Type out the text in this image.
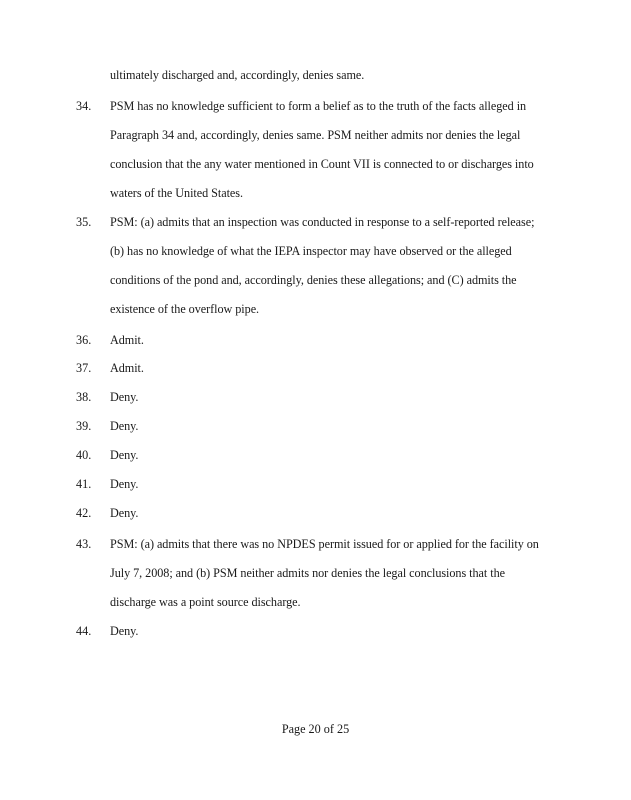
ultimately discharged and, accordingly, denies same.
34. PSM has no knowledge sufficient to form a belief as to the truth of the facts alleged in
Paragraph 34 and, accordingly, denies same. PSM neither admits nor denies the legal
conclusion that the any water mentioned in Count VII is connected to or discharges into
waters of the United States.
35. PSM: (a) admits that an inspection was conducted in response to a self-reported release;
(b) has no knowledge of what the IEPA inspector may have observed or the alleged
conditions of the pond and, accordingly, denies these allegations; and (C) admits the
existence of the overflow pipe.
36. Admit.
37. Admit.
38. Deny.
39. Deny.
40. Deny.
41. Deny.
42. Deny.
43. PSM: (a) admits that there was no NPDES permit issued for or applied for the facility on
July 7, 2008; and (b) PSM neither admits nor denies the legal conclusions that the
discharge was a point source discharge.
44. Deny.
Page 20 of 25
